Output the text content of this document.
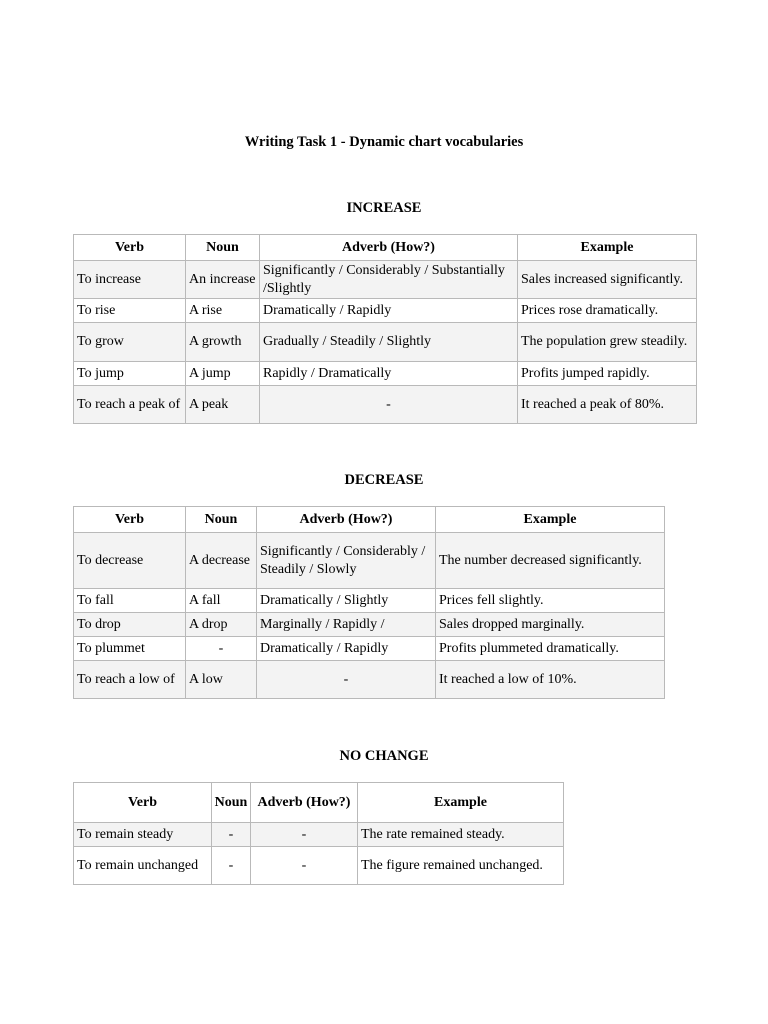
Writing Task 1 - Dynamic chart vocabularies
INCREASE
Verb	Noun	Adverb (How?)	Example
To increase	An increase	Significantly / Considerably / Substantially /Slightly	Sales increased significantly.
To rise	A rise	Dramatically / Rapidly	Prices rose dramatically.
To grow	A growth	Gradually / Steadily / Slightly	The population grew steadily.
To jump	A jump	Rapidly / Dramatically	Profits jumped rapidly.
To reach a peak of	A peak	-	It reached a peak of 80%.
DECREASE
Verb	Noun	Adverb (How?)	Example
To decrease	A decrease	Significantly / Considerably / Steadily / Slowly	The number decreased significantly.
To fall	A fall	Dramatically / Slightly	Prices fell slightly.
To drop	A drop	Marginally / Rapidly /	Sales dropped marginally.
To plummet	-	Dramatically / Rapidly	Profits plummeted dramatically.
To reach a low of	A low	-	It reached a low of 10%.
NO CHANGE
Verb	Noun	Adverb (How?)	Example
To remain steady	-	-	The rate remained steady.
To remain unchanged	-	-	The figure remained unchanged.
